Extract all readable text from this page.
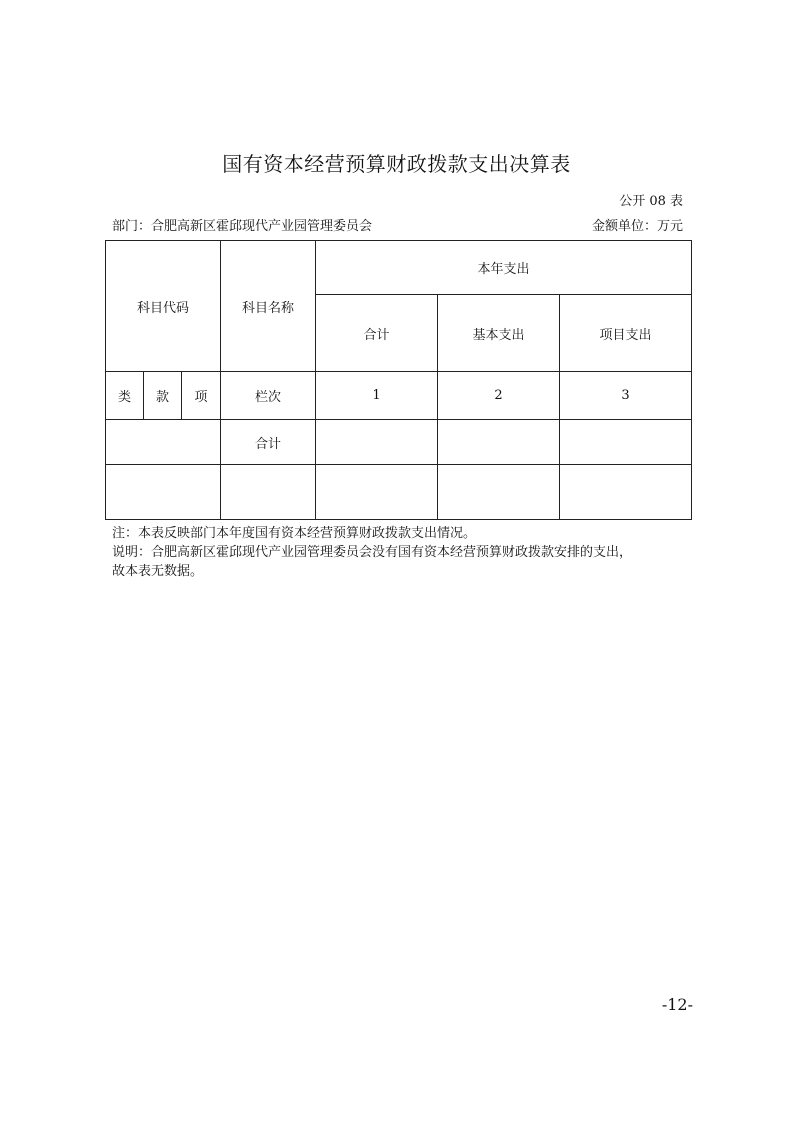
国有资本经营预算财政拨款支出决算表
公开 08 表
部门：合肥高新区霍邱现代产业园管理委员会	金额单位：万元
科目代码			科目名称	本年支出		
				合计	基本支出	项目支出
类	款	项	栏次	1	2	3
			合计			

注：本表反映部门本年度国有资本经营预算财政拨款支出情况。
说明：合肥高新区霍邱现代产业园管理委员会没有国有资本经营预算财政拨款安排的支出，
故本表无数据。
-12-
